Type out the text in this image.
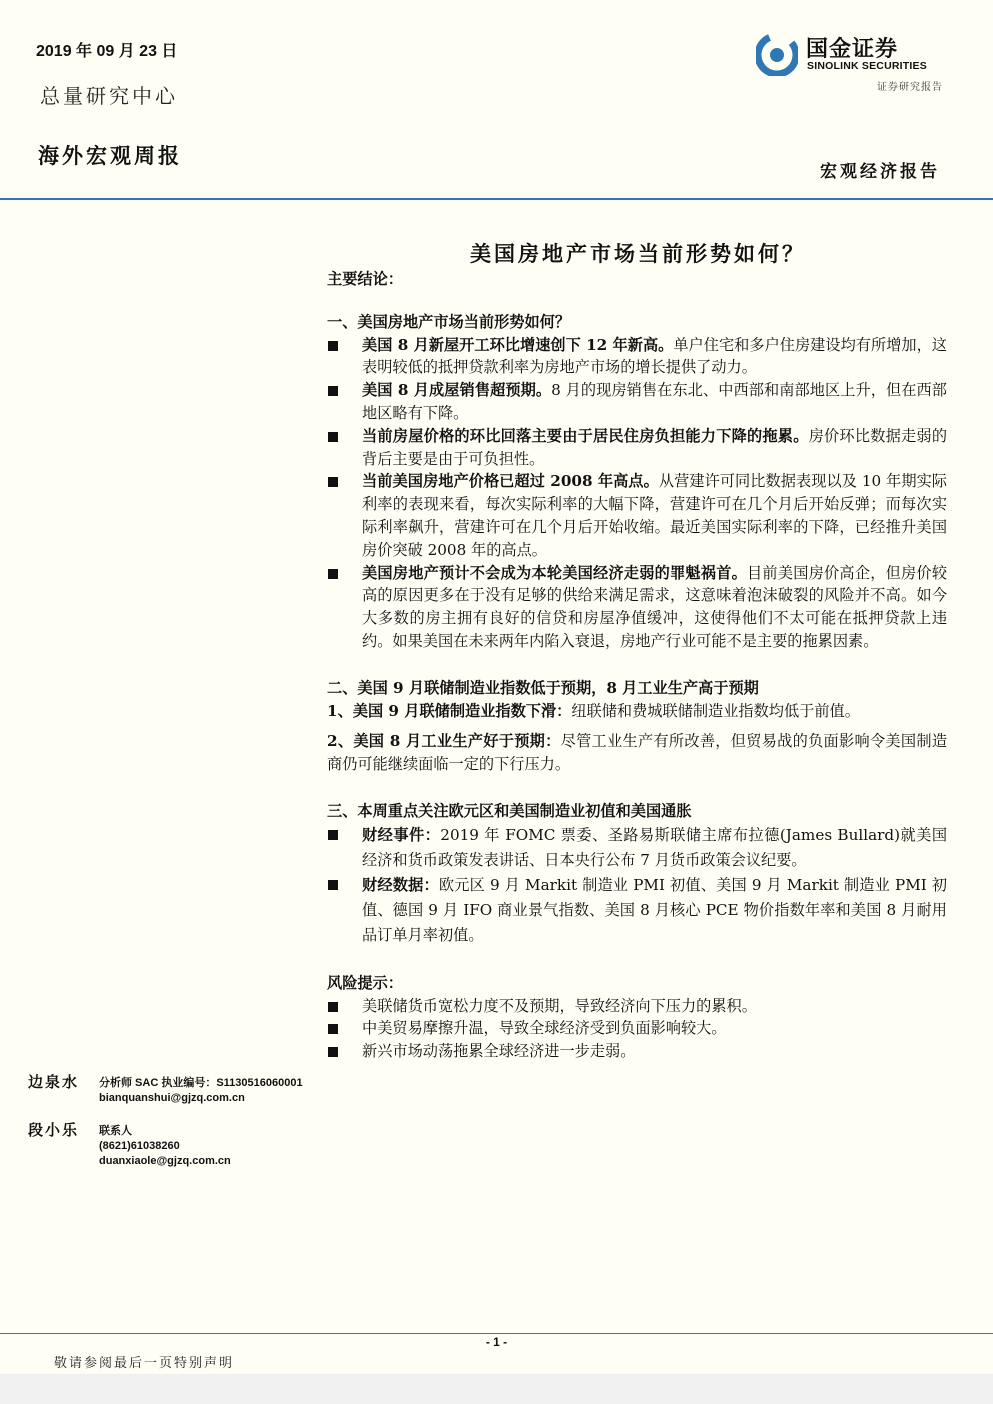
2019 年 09 月 23 日
总量研究中心
海外宏观周报
国金证券
SINOLINK SECURITIES
证券研究报告
宏观经济报告
美国房地产市场当前形势如何？

主要结论：

一、美国房地产市场当前形势如何？

美国 8 月新屋开工环比增速创下 12 年新高。单户住宅和多户住房建设均有所增加，这表明较低的抵押贷款利率为房地产市场的增长提供了动力。

美国 8 月成屋销售超预期。8 月的现房销售在东北、中西部和南部地区上升，但在西部地区略有下降。

当前房屋价格的环比回落主要由于居民住房负担能力下降的拖累。房价环比数据走弱的背后主要是由于可负担性。

当前美国房地产价格已超过 2008 年高点。从营建许可同比数据表现以及 10 年期实际利率的表现来看，每次实际利率的大幅下降，营建许可在几个月后开始反弹；而每次实际利率飙升，营建许可在几个月后开始收缩。最近美国实际利率的下降，已经推升美国房价突破 2008 年的高点。

美国房地产预计不会成为本轮美国经济走弱的罪魁祸首。目前美国房价高企，但房价较高的原因更多在于没有足够的供给来满足需求，这意味着泡沫破裂的风险并不高。如今大多数的房主拥有良好的信贷和房屋净值缓冲，这使得他们不太可能在抵押贷款上违约。如果美国在未来两年内陷入衰退，房地产行业可能不是主要的拖累因素。

二、美国 9 月联储制造业指数低于预期，8 月工业生产高于预期

1、美国 9 月联储制造业指数下滑：纽联储和费城联储制造业指数均低于前值。

2、美国 8 月工业生产好于预期：尽管工业生产有所改善，但贸易战的负面影响令美国制造商仍可能继续面临一定的下行压力。

三、本周重点关注欧元区和美国制造业初值和美国通胀

财经事件：2019 年 FOMC 票委、圣路易斯联储主席布拉德(James Bullard)就美国经济和货币政策发表讲话、日本央行公布 7 月货币政策会议纪要。

财经数据：欧元区 9 月 Markit 制造业 PMI 初值、美国 9 月 Markit 制造业 PMI 初值、德国 9 月 IFO 商业景气指数、美国 8 月核心 PCE 物价指数年率和美国 8 月耐用品订单月率初值。

风险提示：

美联储货币宽松力度不及预期，导致经济向下压力的累积。

中美贸易摩擦升温，导致全球经济受到负面影响较大。

新兴市场动荡拖累全球经济进一步走弱。

边泉水 分析师 SAC 执业编号：S1130516060001
bianquanshui@gjzq.com.cn
段小乐 联系人
(8621)61038260
duanxiaole@gjzq.com.cn
- 1 -
敬请参阅最后一页特别声明
